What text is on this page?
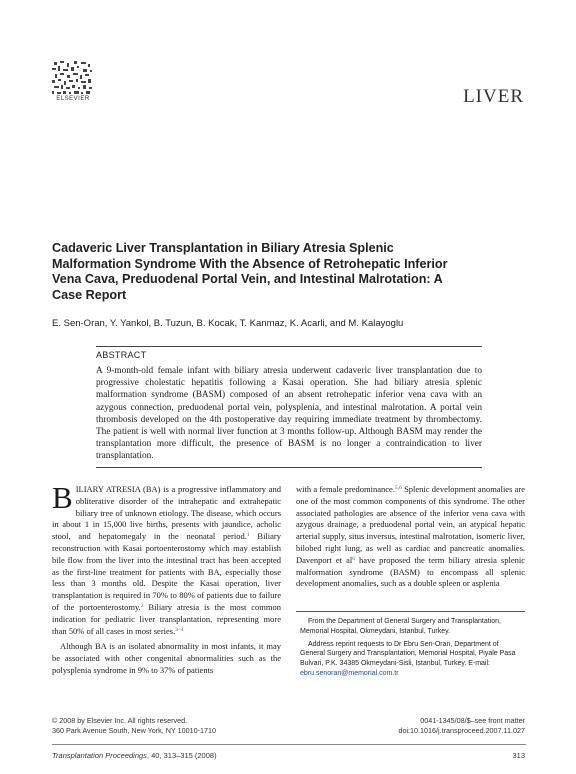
ELSEVIER	LIVER
Cadaveric Liver Transplantation in Biliary Atresia Splenic Malformation Syndrome With the Absence of Retrohepatic Inferior Vena Cava, Preduodenal Portal Vein, and Intestinal Malrotation: A Case Report
E. Sen-Oran, Y. Yankol, B. Tuzun, B. Kocak, T. Kanmaz, K. Acarli, and M. Kalayoglu
ABSTRACT
A 9-month-old female infant with biliary atresia underwent cadaveric liver transplantation due to progressive cholestatic hepatitis following a Kasai operation. She had biliary atresia splenic malformation syndrome (BASM) composed of an absent retrohepatic inferior vena cava with an azygous connection, preduodenal portal vein, polysplenia, and intestinal malrotation. A portal vein thrombosis developed on the 4th postoperative day requiring immediate treatment by thrombectomy. The patient is well with normal liver function at 3 months follow-up. Although BASM may render the transplantation more difficult, the presence of BASM is no longer a contraindication to liver transplantation.

BILIARY ATRESIA (BA) is a progressive inflammatory and obliterative disorder of the intrahepatic and extrahepatic biliary tree of unknown etiology. The disease, which occurs in about 1 in 15,000 live births, presents with jaundice, acholic stool, and hepatomegaly in the neonatal period.$^1$ Biliary reconstruction with Kasai portoenterostomy which may establish bile flow from the liver into the intestinal tract has been accepted as the first-line treatment for patients with BA, especially those less than 3 months old. Despite the Kasai operation, liver transplantation is required in 70% to 80% of patients due to failure of the portoenterostomy.$^2$ Biliary atresia is the most common indication for pediatric liver transplantation, representing more than 50% of all cases in most series.$^{3-4}$

Although BA is an isolated abnormality in most infants, it may be associated with other congenital abnormalities such as the polysplenia syndrome in 9% to 37% of patients

with a female predominance.$^{5,6}$ Splenic development anomalies are one of the most common components of this syndrome. The other associated pathologies are absence of the inferior vena cava with azygous drainage, a preduodenal portal vein, an atypical hepatic arterial supply, situs inversus, intestinal malrotation, isomeric liver, bilobed right lung, as well as cardiac and pancreatic anomalies. Davenport et $al^6$ have proposed the term biliary atresia splenic malformation syndrome (BASM) to encompass all splenic development anomalies, such as a double spleen or asplenia

From the Department of General Surgery and Transplantation, Memorial Hospital, Okmeydani, Istanbul, Turkey.

Address reprint requests to Dr Ebru Sen-Oran, Department of General Surgery and Transplantation, Memorial Hospital, Piyale Pasa Bulvari, P.K. 34385 Okmeydani-Sisli, Istanbul, Turkey. E-mail: ebru.senoran@memorial.com.tr

© 2008 by Elsevier Inc. All rights reserved.
360 Park Avenue South, New York, NY 10010-1710
0041-1345/08/$–see front matter
doi:10.1016/j.transproceed.2007.11.027
Transplantation Proceedings, 40, 313–315 (2008)	313
